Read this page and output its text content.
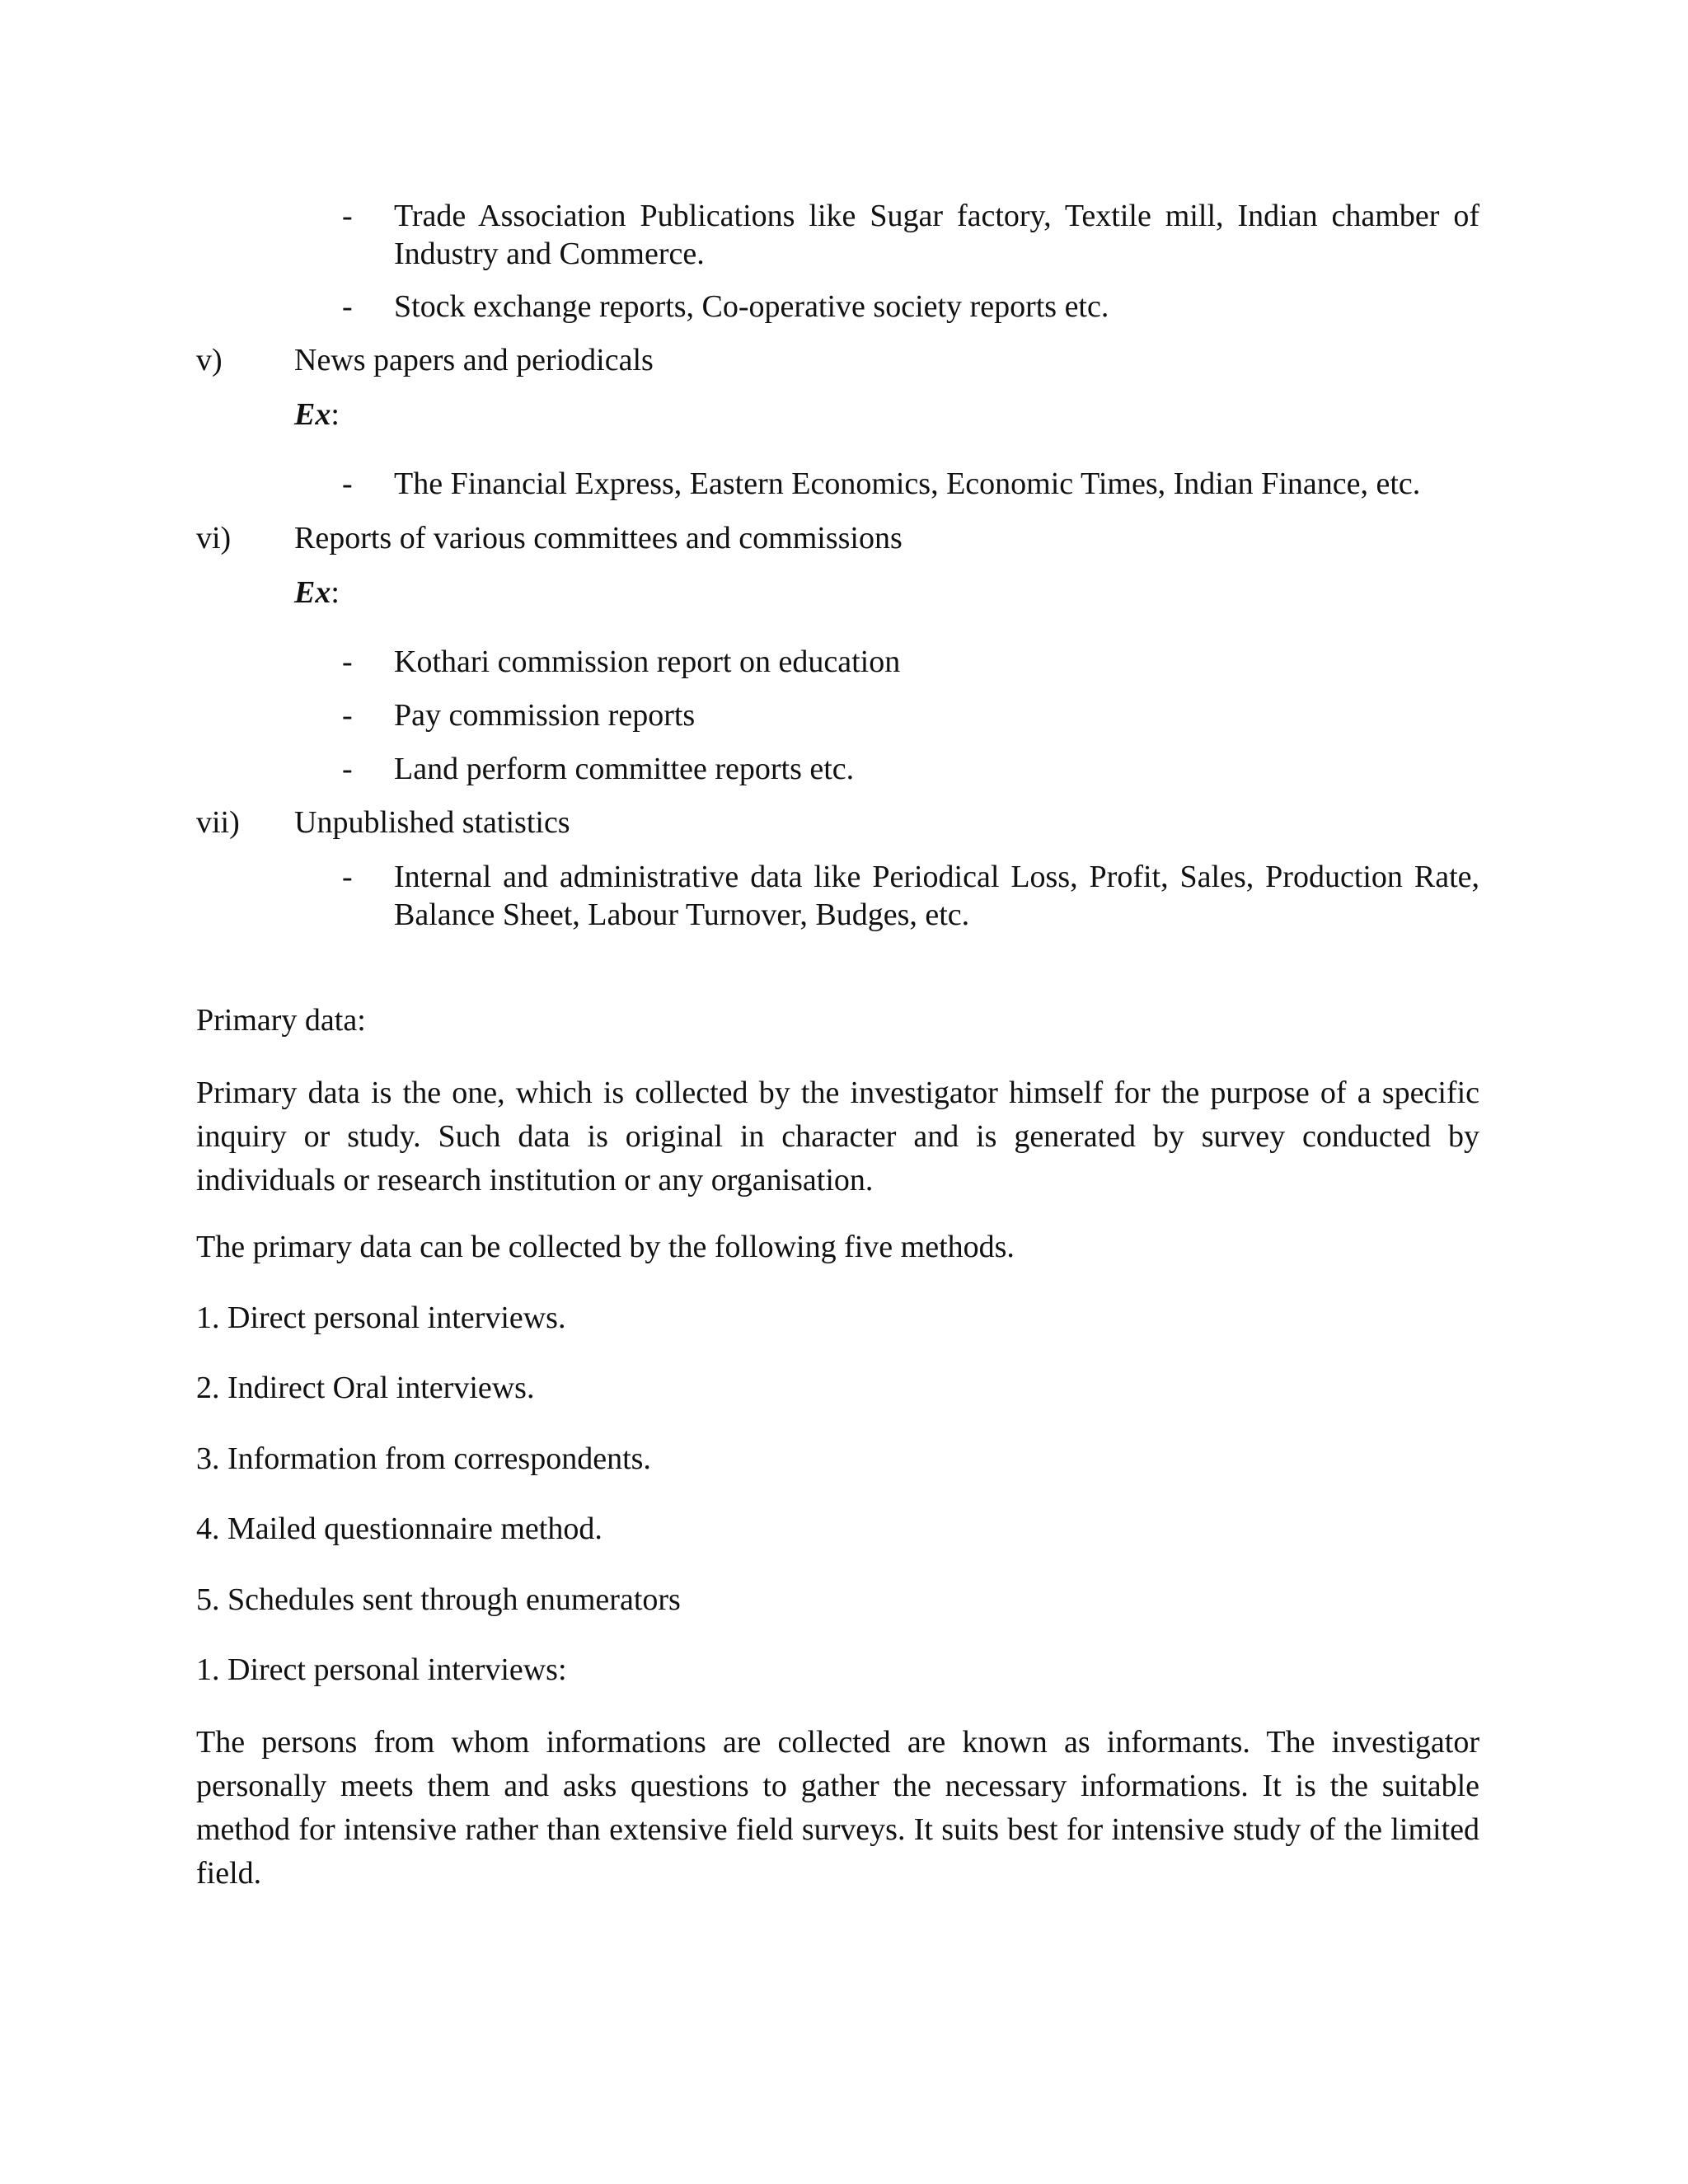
- Trade Association Publications like Sugar factory, Textile mill, Indian chamber of Industry and Commerce.
- Stock exchange reports, Co-operative society reports etc.
v) News papers and periodicals
Ex:
- The Financial Express, Eastern Economics, Economic Times, Indian Finance, etc.
vi) Reports of various committees and commissions
Ex:
- Kothari commission report on education
- Pay commission reports
- Land perform committee reports etc.
vii) Unpublished statistics
- Internal and administrative data like Periodical Loss, Profit, Sales, Production Rate, Balance Sheet, Labour Turnover, Budges, etc.
Primary data:
Primary data is the one, which is collected by the investigator himself for the purpose of a specific inquiry or study. Such data is original in character and is generated by survey conducted by individuals or research institution or any organisation.
The primary data can be collected by the following five methods.
1. Direct personal interviews.
2. Indirect Oral interviews.
3. Information from correspondents.
4. Mailed questionnaire method.
5. Schedules sent through enumerators
1. Direct personal interviews:
The persons from whom informations are collected are known as informants. The investigator personally meets them and asks questions to gather the necessary informations. It is the suitable method for intensive rather than extensive field surveys. It suits best for intensive study of the limited field.
